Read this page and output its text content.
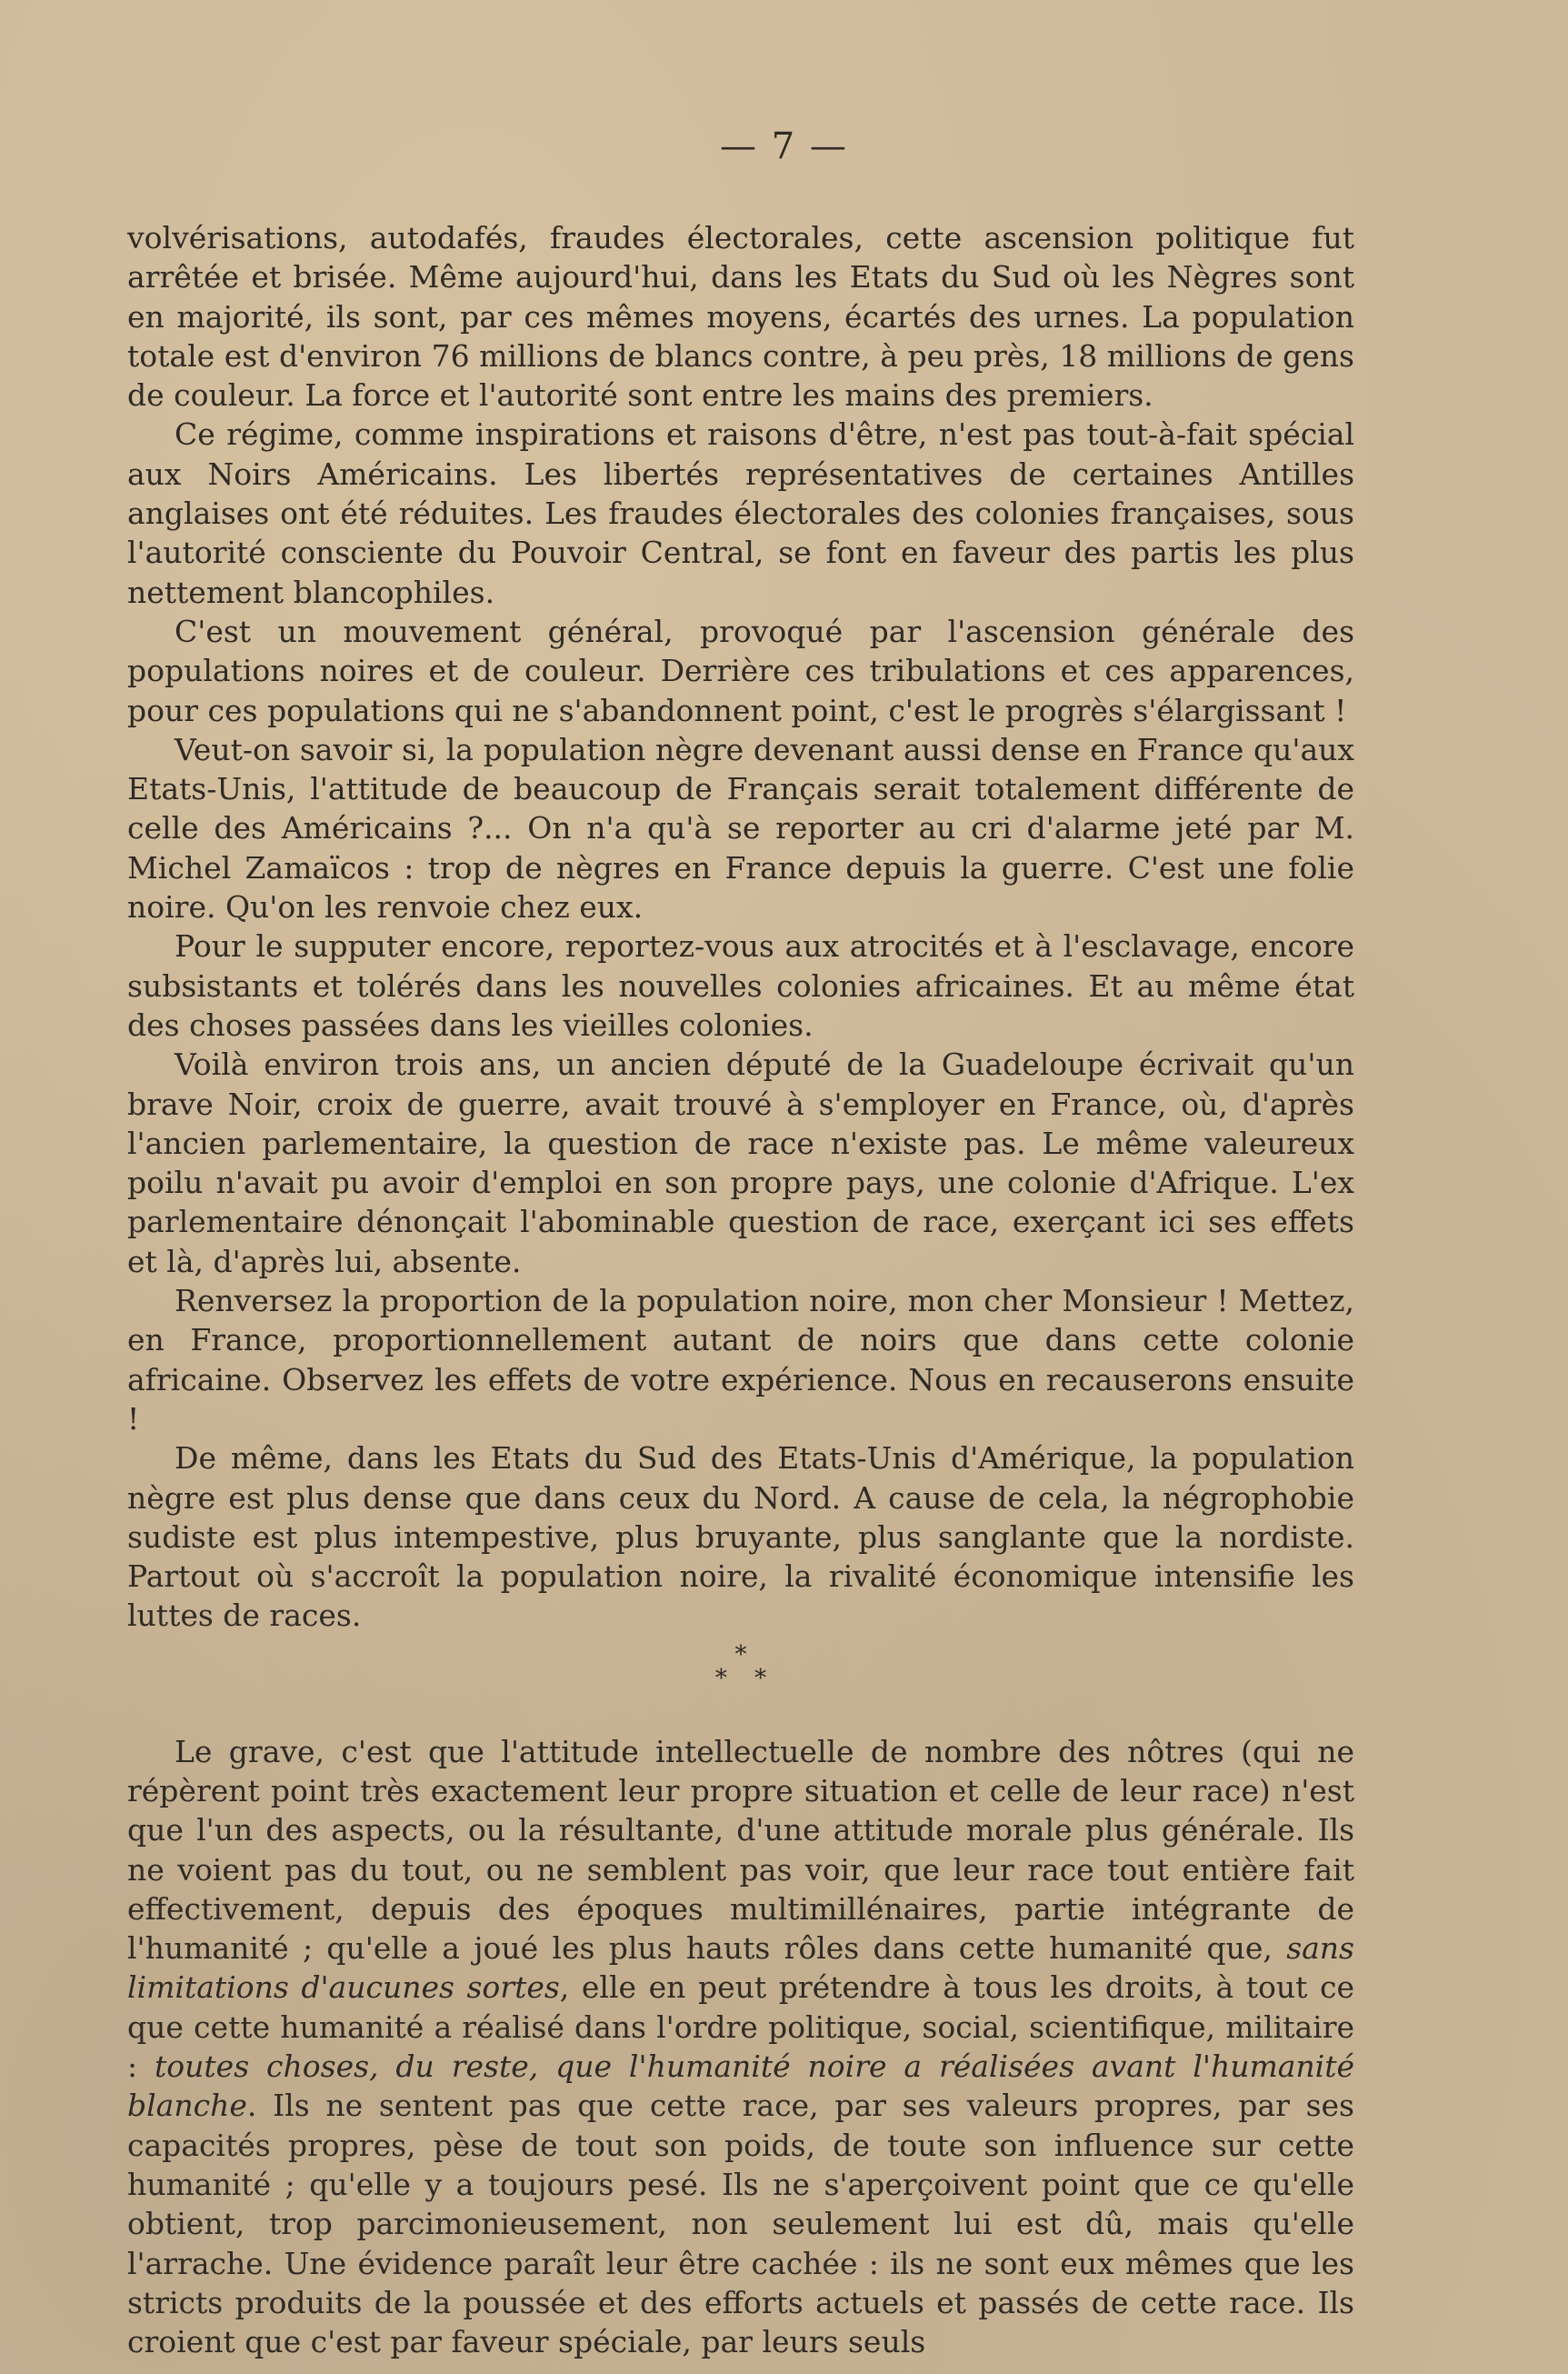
— 7 —

volvérisations, autodafés, fraudes électorales, cette ascension politique fut arrêtée et brisée. Même aujourd'hui, dans les Etats du Sud où les Nègres sont en majorité, ils sont, par ces mêmes moyens, écartés des urnes. La population totale est d'environ 76 millions de blancs contre, à peu près, 18 millions de gens de couleur. La force et l'autorité sont entre les mains des premiers.

Ce régime, comme inspirations et raisons d'être, n'est pas tout-à-fait spécial aux Noirs Américains. Les libertés représentatives de certaines Antilles anglaises ont été réduites. Les fraudes électorales des colonies françaises, sous l'autorité consciente du Pouvoir Central, se font en faveur des partis les plus nettement blancophiles.

C'est un mouvement général, provoqué par l'ascension générale des populations noires et de couleur. Derrière ces tribulations et ces apparences, pour ces populations qui ne s'abandonnent point, c'est le progrès s'élargissant !

Veut-on savoir si, la population nègre devenant aussi dense en France qu'aux Etats-Unis, l'attitude de beaucoup de Français serait totalement différente de celle des Américains ?... On n'a qu'à se reporter au cri d'alarme jeté par M. Michel Zamaïcos : trop de nègres en France depuis la guerre. C'est une folie noire. Qu'on les renvoie chez eux.

Pour le supputer encore, reportez-vous aux atrocités et à l'esclavage, encore subsistants et tolérés dans les nouvelles colonies africaines. Et au même état des choses passées dans les vieilles colonies.

Voilà environ trois ans, un ancien député de la Guadeloupe écrivait qu'un brave Noir, croix de guerre, avait trouvé à s'employer en France, où, d'après l'ancien parlementaire, la question de race n'existe pas. Le même valeureux poilu n'avait pu avoir d'emploi en son propre pays, une colonie d'Afrique. L'ex parlementaire dénonçait l'abominable question de race, exerçant ici ses effets et là, d'après lui, absente.

Renversez la proportion de la population noire, mon cher Monsieur ! Mettez, en France, proportionnellement autant de noirs que dans cette colonie africaine. Observez les effets de votre expérience. Nous en recauserons ensuite !

De même, dans les Etats du Sud des Etats-Unis d'Amérique, la population nègre est plus dense que dans ceux du Nord. A cause de cela, la négrophobie sudiste est plus intempestive, plus bruyante, plus sanglante que la nordiste. Partout où s'accroît la population noire, la rivalité économique intensifie les luttes de races.

*
* *

Le grave, c'est que l'attitude intellectuelle de nombre des nôtres (qui ne répèrent point très exactement leur propre situation et celle de leur race) n'est que l'un des aspects, ou la résultante, d'une attitude morale plus générale. Ils ne voient pas du tout, ou ne semblent pas voir, que leur race tout entière fait effectivement, depuis des époques multimillénaires, partie intégrante de l'humanité ; qu'elle a joué les plus hauts rôles dans cette humanité que, sans limitations d'aucunes sortes, elle en peut prétendre à tous les droits, à tout ce que cette humanité a réalisé dans l'ordre politique, social, scientifique, militaire : toutes choses, du reste, que l'humanité noire a réalisées avant l'humanité blanche. Ils ne sentent pas que cette race, par ses valeurs propres, par ses capacités propres, pèse de tout son poids, de toute son influence sur cette humanité ; qu'elle y a toujours pesé. Ils ne s'aperçoivent point que ce qu'elle obtient, trop parcimonieusement, non seulement lui est dû, mais qu'elle l'arrache. Une évidence paraît leur être cachée : ils ne sont eux mêmes que les stricts produits de la poussée et des efforts actuels et passés de cette race. Ils croient que c'est par faveur spéciale, par leurs seuls
